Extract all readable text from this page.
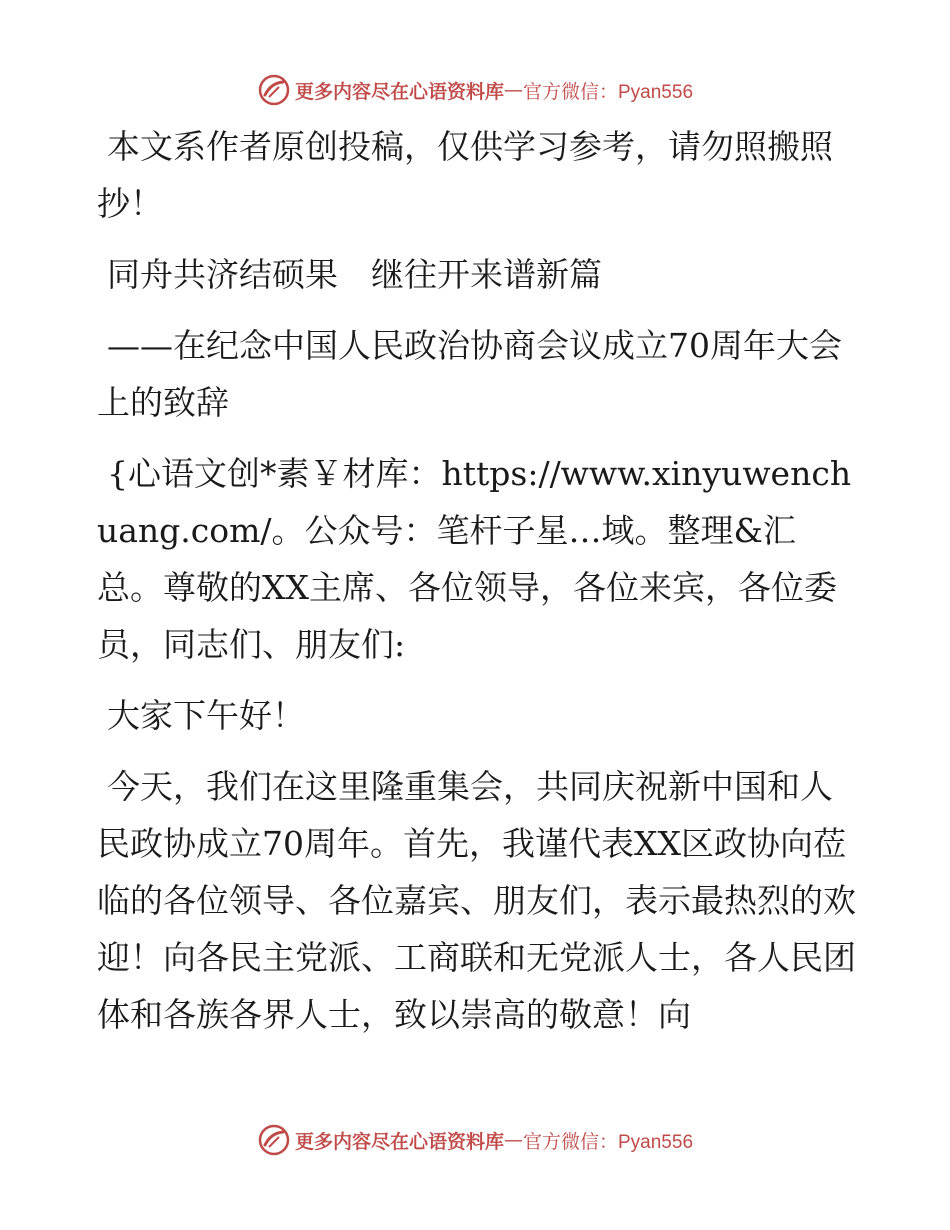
更多内容尽在心语资料库 — 官方微信：Pyan556

本文系作者原创投稿，仅供学习参考，请勿照搬照抄！

同舟共济结硕果　继往开来谱新篇

——在纪念中国人民政治协商会议成立70周年大会上的致辞

{心语文创*素￥材库：https://www.xinyuwenchuang.com/。公众号：笔杆子星…域。整理&汇总。尊敬的XX主席、各位领导，各位来宾，各位委员，同志们、朋友们:

大家下午好！

今天，我们在这里隆重集会，共同庆祝新中国和人民政协成立70周年。首先，我谨代表XX区政协向莅临的各位领导、各位嘉宾、朋友们，表示最热烈的欢迎！向各民主党派、工商联和无党派人士，各人民团体和各族各界人士，致以崇高的敬意！向

更多内容尽在心语资料库 — 官方微信：Pyan556
